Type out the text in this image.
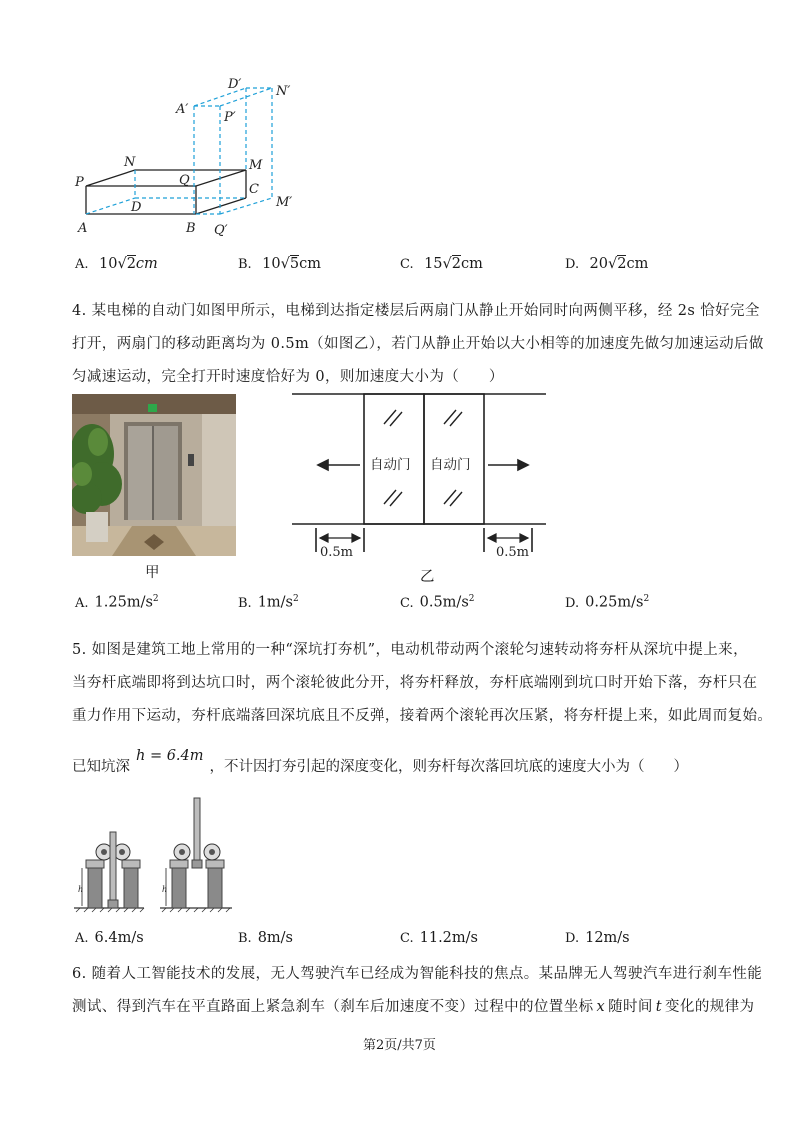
D′	N′
A′
P′
N	M
P	Q
C
D	M′
A	B Q′
A. 10√2cm	B. 10√5cm	C. 15√2cm	D. 20√2cm
4. 某电梯的自动门如图甲所示，电梯到达指定楼层后两扇门从静止开始同时向两侧平移，经 2s 恰好完全
打开，两扇门的移动距离均为 0.5m（如图乙），若门从静止开始以大小相等的加速度先做匀加速运动后做
匀减速运动，完全打开时速度恰好为 0，则加速度大小为（　　）
甲
自动门 自动门
0.5m	0.5m
乙
A. $1.25m/s^2$	B. $1m/s^2$	C. $0.5m/s^2$	D. $0.25m/s^2$
5. 如图是建筑工地上常用的一种“深坑打夯机”，电动机带动两个滚轮匀速转动将夯杆从深坑中提上来，
当夯杆底端即将到达坑口时，两个滚轮彼此分开，将夯杆释放，夯杆底端刚到坑口时开始下落，夯杆只在
重力作用下运动，夯杆底端落回深坑底且不反弹，接着两个滚轮再次压紧，将夯杆提上来，如此周而复始。
已知坑深h = 6.4m，不计因打夯引起的深度变化，则夯杆每次落回坑底的速度大小为（　　）
h	h
A. 6.4m/s	B. 8m/s	C. 11.2m/s	D. 12m/s
6. 随着人工智能技术的发展，无人驾驶汽车已经成为智能科技的焦点。某品牌无人驾驶汽车进行刹车性能
测试、得到汽车在平直路面上紧急刹车（刹车后加速度不变）过程中的位置坐标 x 随时间 t 变化的规律为
第2页/共7页
